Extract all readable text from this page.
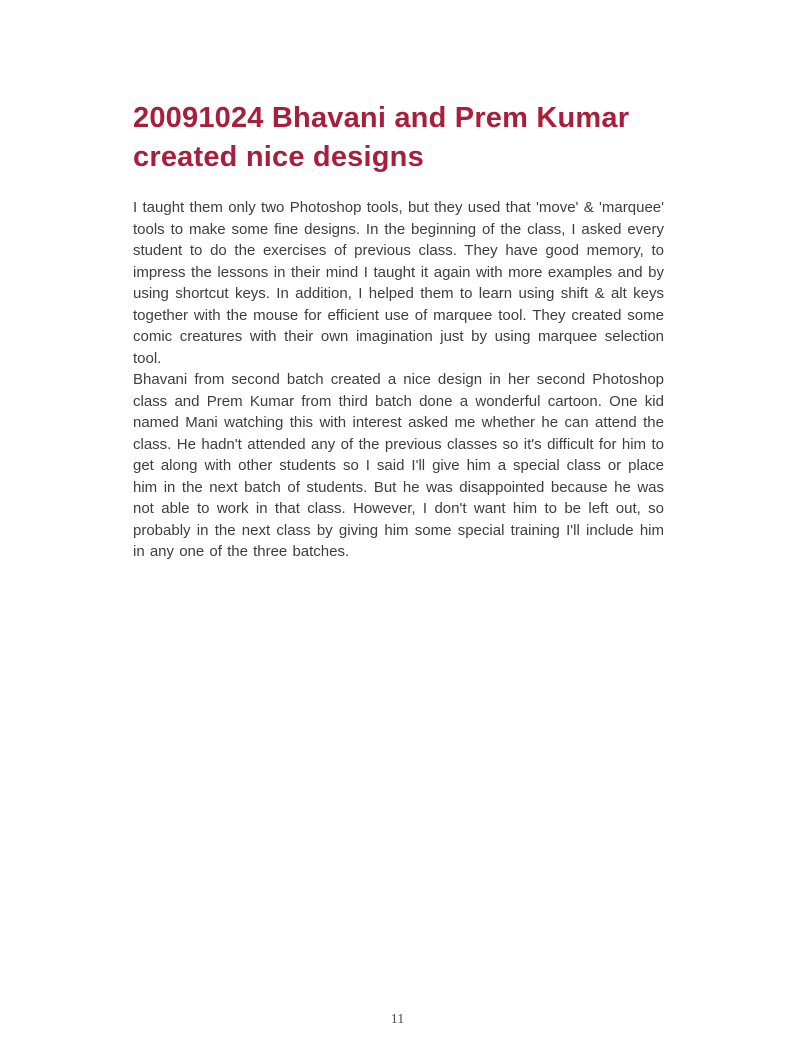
20091024 Bhavani and Prem Kumar created nice designs

I taught them only two Photoshop tools, but they used that 'move' & 'marquee' tools to make some fine designs. In the beginning of the class, I asked every student to do the exercises of previous class. They have good memory, to impress the lessons in their mind I taught it again with more examples and by using shortcut keys. In addition, I helped them to learn using shift & alt keys together with the mouse for efficient use of marquee tool. They created some comic creatures with their own imagination just by using marquee selection tool.

Bhavani from second batch created a nice design in her second Photoshop class and Prem Kumar from third batch done a wonderful cartoon. One kid named Mani watching this with interest asked me whether he can attend the class. He hadn't attended any of the previous classes so it's difficult for him to get along with other students so I said I'll give him a special class or place him in the next batch of students. But he was disappointed because he was not able to work in that class. However, I don't want him to be left out, so probably in the next class by giving him some special training I'll include him in any one of the three batches.

11
